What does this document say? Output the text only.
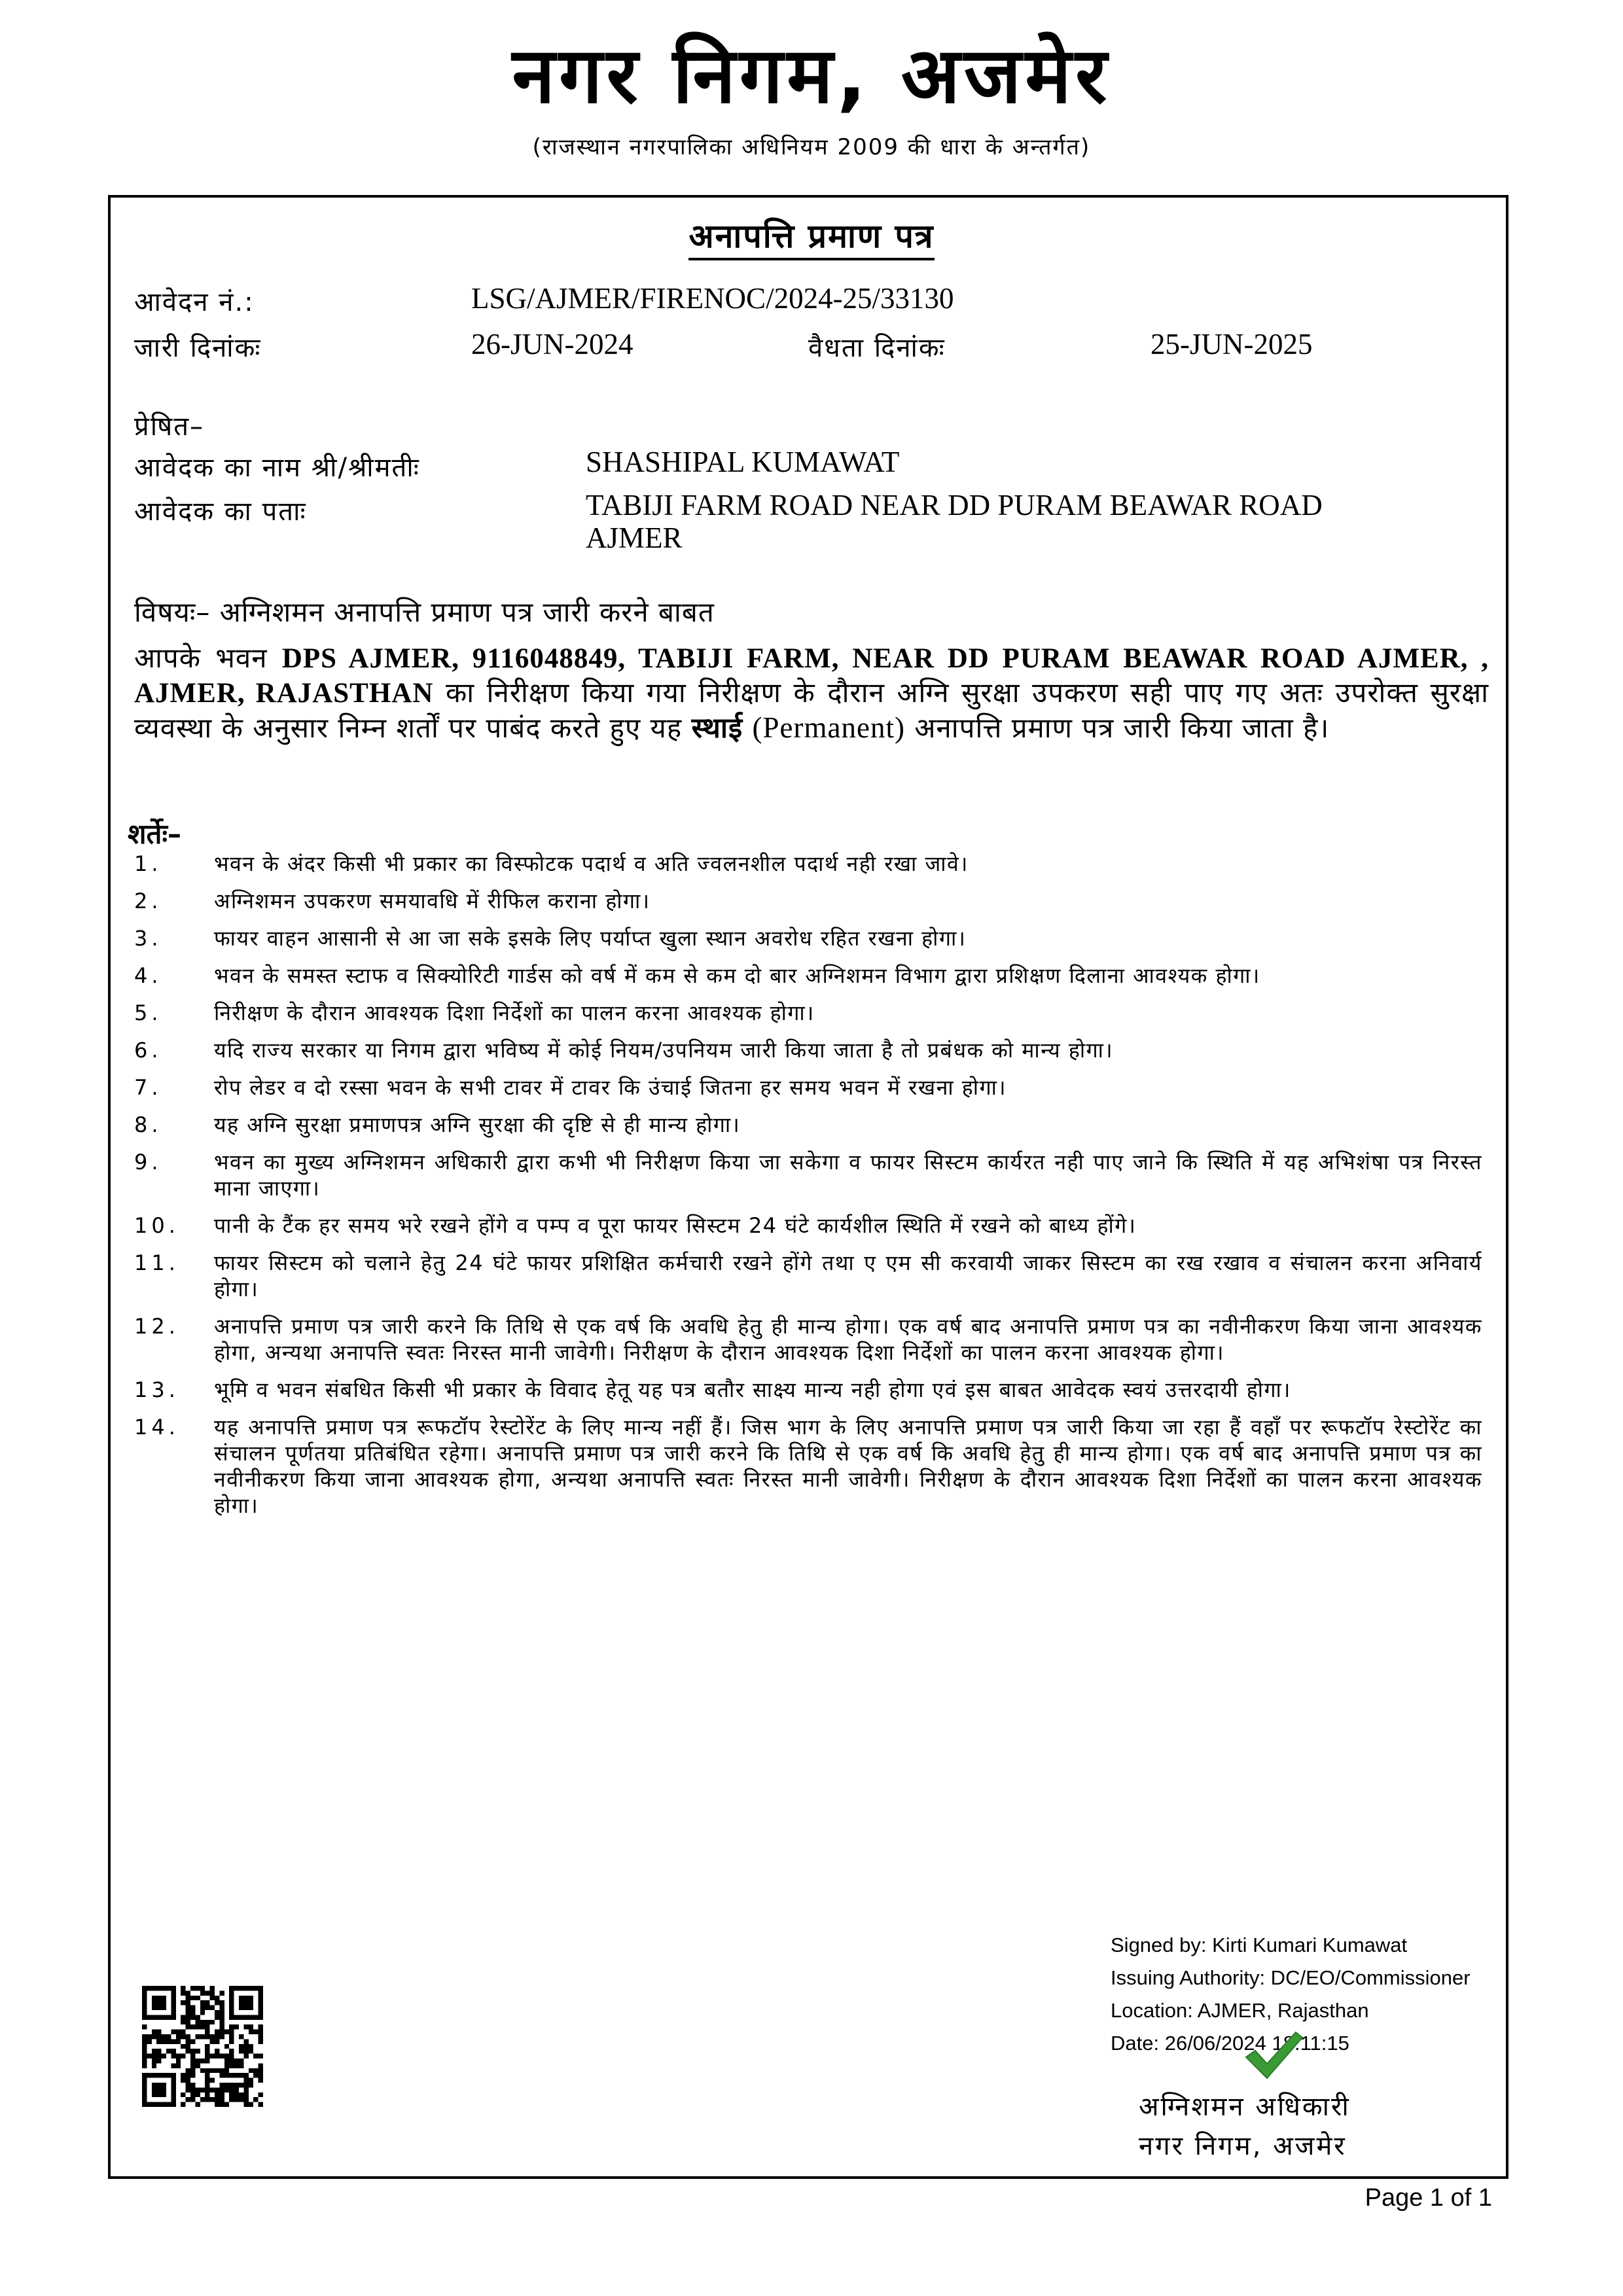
नगर निगम, अजमेर
(राजस्थान नगरपालिका अधिनियम 2009 की धारा के अन्तर्गत)
अनापत्ति प्रमाण पत्र
आवेदन नं.:	LSG/AJMER/FIRENOC/2024-25/33130
जारी दिनांकः	26-JUN-2024	वैधता दिनांकः	25-JUN-2025
प्रेषित–
आवेदक का नाम श्री/श्रीमतीः	SHASHIPAL KUMAWAT
आवेदक का पताः	TABIJI FARM ROAD NEAR DD PURAM BEAWAR ROAD
AJMER
विषयः– अग्निशमन अनापत्ति प्रमाण पत्र जारी करने बाबत
आपके भवन DPS AJMER, 9116048849, TABIJI FARM, NEAR DD PURAM BEAWAR ROAD AJMER, , AJMER, RAJASTHAN का निरीक्षण किया गया निरीक्षण के दौरान अग्नि सुरक्षा उपकरण सही पाए गए अतः उपरोक्त सुरक्षा व्यवस्था के अनुसार निम्न शर्तों पर पाबंद करते हुए यह स्थाई (Permanent) अनापत्ति प्रमाण पत्र जारी किया जाता है।
शर्तेः–
1.	भवन के अंदर किसी भी प्रकार का विस्फोटक पदार्थ व अति ज्वलनशील पदार्थ नही रखा जावे।
2.	अग्निशमन उपकरण समयावधि में रीफिल कराना होगा।
3.	फायर वाहन आसानी से आ जा सके इसके लिए पर्याप्त खुला स्थान अवरोध रहित रखना होगा।
4.	भवन के समस्त स्टाफ व सिक्योरिटी गार्डस को वर्ष में कम से कम दो बार अग्निशमन विभाग द्वारा प्रशिक्षण दिलाना आवश्यक होगा।
5.	निरीक्षण के दौरान आवश्यक दिशा निर्देशों का पालन करना आवश्यक होगा।
6.	यदि राज्य सरकार या निगम द्वारा भविष्य में कोई नियम/उपनियम जारी किया जाता है तो प्रबंधक को मान्य होगा।
7.	रोप लेडर व दो रस्सा भवन के सभी टावर में टावर कि उंचाई जितना हर समय भवन में रखना होगा।
8.	यह अग्नि सुरक्षा प्रमाणपत्र अग्नि सुरक्षा की दृष्टि से ही मान्य होगा।
9.	भवन का मुख्य अग्निशमन अधिकारी द्वारा कभी भी निरीक्षण किया जा सकेगा व फायर सिस्टम कार्यरत नही पाए जाने कि स्थिति में यह अभिशंषा पत्र निरस्त माना जाएगा।
10.	पानी के टैंक हर समय भरे रखने होंगे व पम्प व पूरा फायर सिस्टम 24 घंटे कार्यशील स्थिति में रखने को बाध्य होंगे।
11.	फायर सिस्टम को चलाने हेतु 24 घंटे फायर प्रशिक्षित कर्मचारी रखने होंगे तथा ए एम सी करवायी जाकर सिस्टम का रख रखाव व संचालन करना अनिवार्य होगा।
12.	अनापत्ति प्रमाण पत्र जारी करने कि तिथि से एक वर्ष कि अवधि हेतु ही मान्य होगा। एक वर्ष बाद अनापत्ति प्रमाण पत्र का नवीनीकरण किया जाना आवश्यक होगा, अन्यथा अनापत्ति स्वतः निरस्त मानी जावेगी। निरीक्षण के दौरान आवश्यक दिशा निर्देशों का पालन करना आवश्यक होगा।
13.	भूमि व भवन संबधित किसी भी प्रकार के विवाद हेतू यह पत्र बतौर साक्ष्य मान्य नही होगा एवं इस बाबत आवेदक स्वयं उत्तरदायी होगा।
14.	यह अनापत्ति प्रमाण पत्र रूफटॉप रेस्टोरेंट के लिए मान्य नहीं हैं। जिस भाग के लिए अनापत्ति प्रमाण पत्र जारी किया जा रहा हैं वहाँ पर रूफटॉप रेस्टोरेंट का संचालन पूर्णतया प्रतिबंधित रहेगा। अनापत्ति प्रमाण पत्र जारी करने कि तिथि से एक वर्ष कि अवधि हेतु ही मान्य होगा। एक वर्ष बाद अनापत्ति प्रमाण पत्र का नवीनीकरण किया जाना आवश्यक होगा, अन्यथा अनापत्ति स्वतः निरस्त मानी जावेगी। निरीक्षण के दौरान आवश्यक दिशा निर्देशों का पालन करना आवश्यक होगा।
Signed by: Kirti Kumari Kumawat
Issuing Authority: DC/EO/Commissioner
Location: AJMER, Rajasthan
Date: 26/06/2024 18:11:15
अग्निशमन अधिकारी
नगर निगम, अजमेर
Page 1 of 1
